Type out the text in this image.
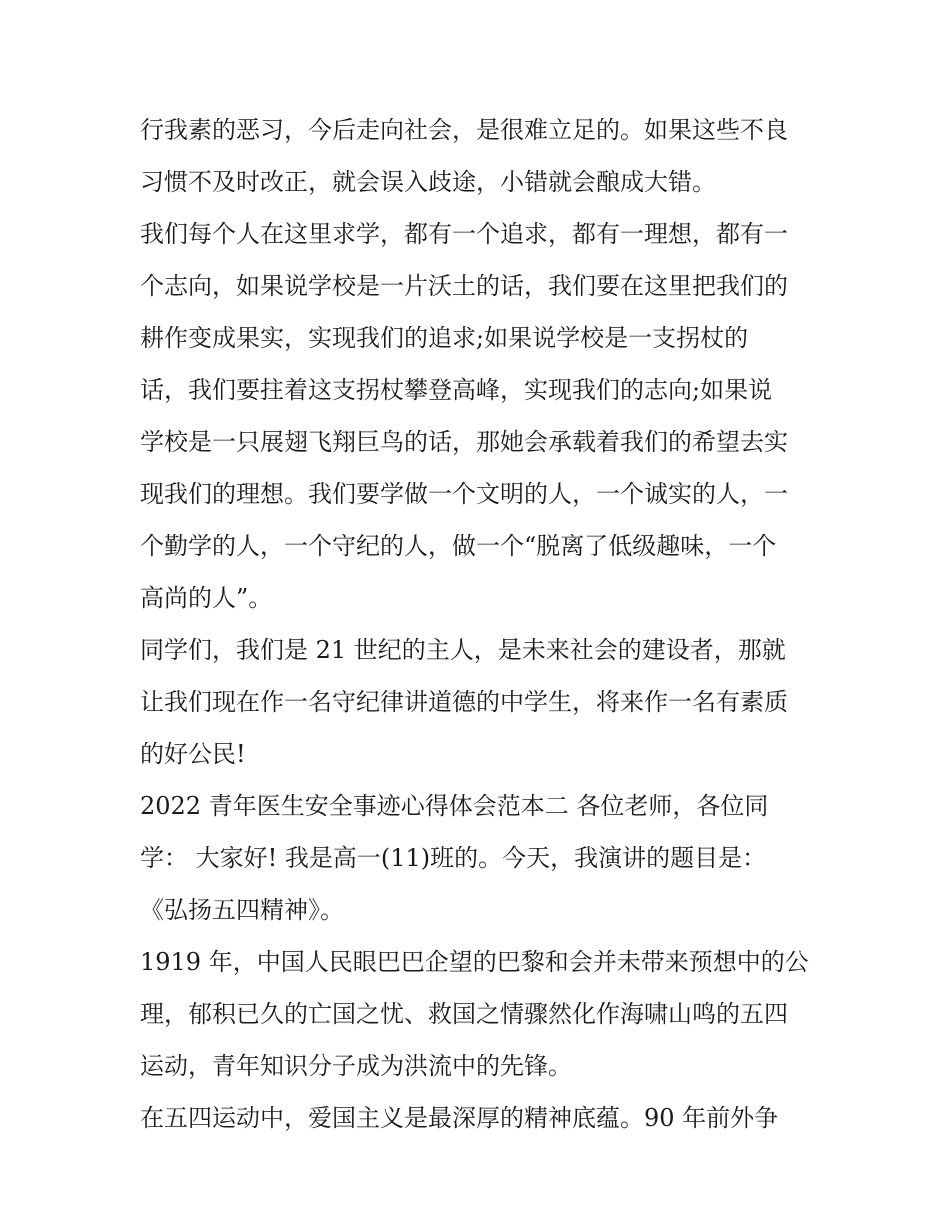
行我素的恶习，今后走向社会，是很难立足的。如果这些不良
习惯不及时改正，就会误入歧途，小错就会酿成大错。
我们每个人在这里求学，都有一个追求，都有一理想，都有一
个志向，如果说学校是一片沃土的话，我们要在这里把我们的
耕作变成果实，实现我们的追求;如果说学校是一支拐杖的
话，我们要拄着这支拐杖攀登高峰，实现我们的志向;如果说
学校是一只展翅飞翔巨鸟的话，那她会承载着我们的希望去实
现我们的理想。我们要学做一个文明的人，一个诚实的人，一
个勤学的人，一个守纪的人，做一个“脱离了低级趣味，一个
高尚的人”。
同学们，我们是 21 世纪的主人，是未来社会的建设者，那就
让我们现在作一名守纪律讲道德的中学生，将来作一名有素质
的好公民!
2022 青年医生安全事迹心得体会范本二 各位老师，各位同
学： 大家好! 我是高一(11)班的。今天，我演讲的题目是：
《弘扬五四精神》。
1919 年，中国人民眼巴巴企望的巴黎和会并未带来预想中的公
理，郁积已久的亡国之忧、救国之情骤然化作海啸山鸣的五四
运动，青年知识分子成为洪流中的先锋。
在五四运动中，爱国主义是最深厚的精神底蕴。90 年前外争
